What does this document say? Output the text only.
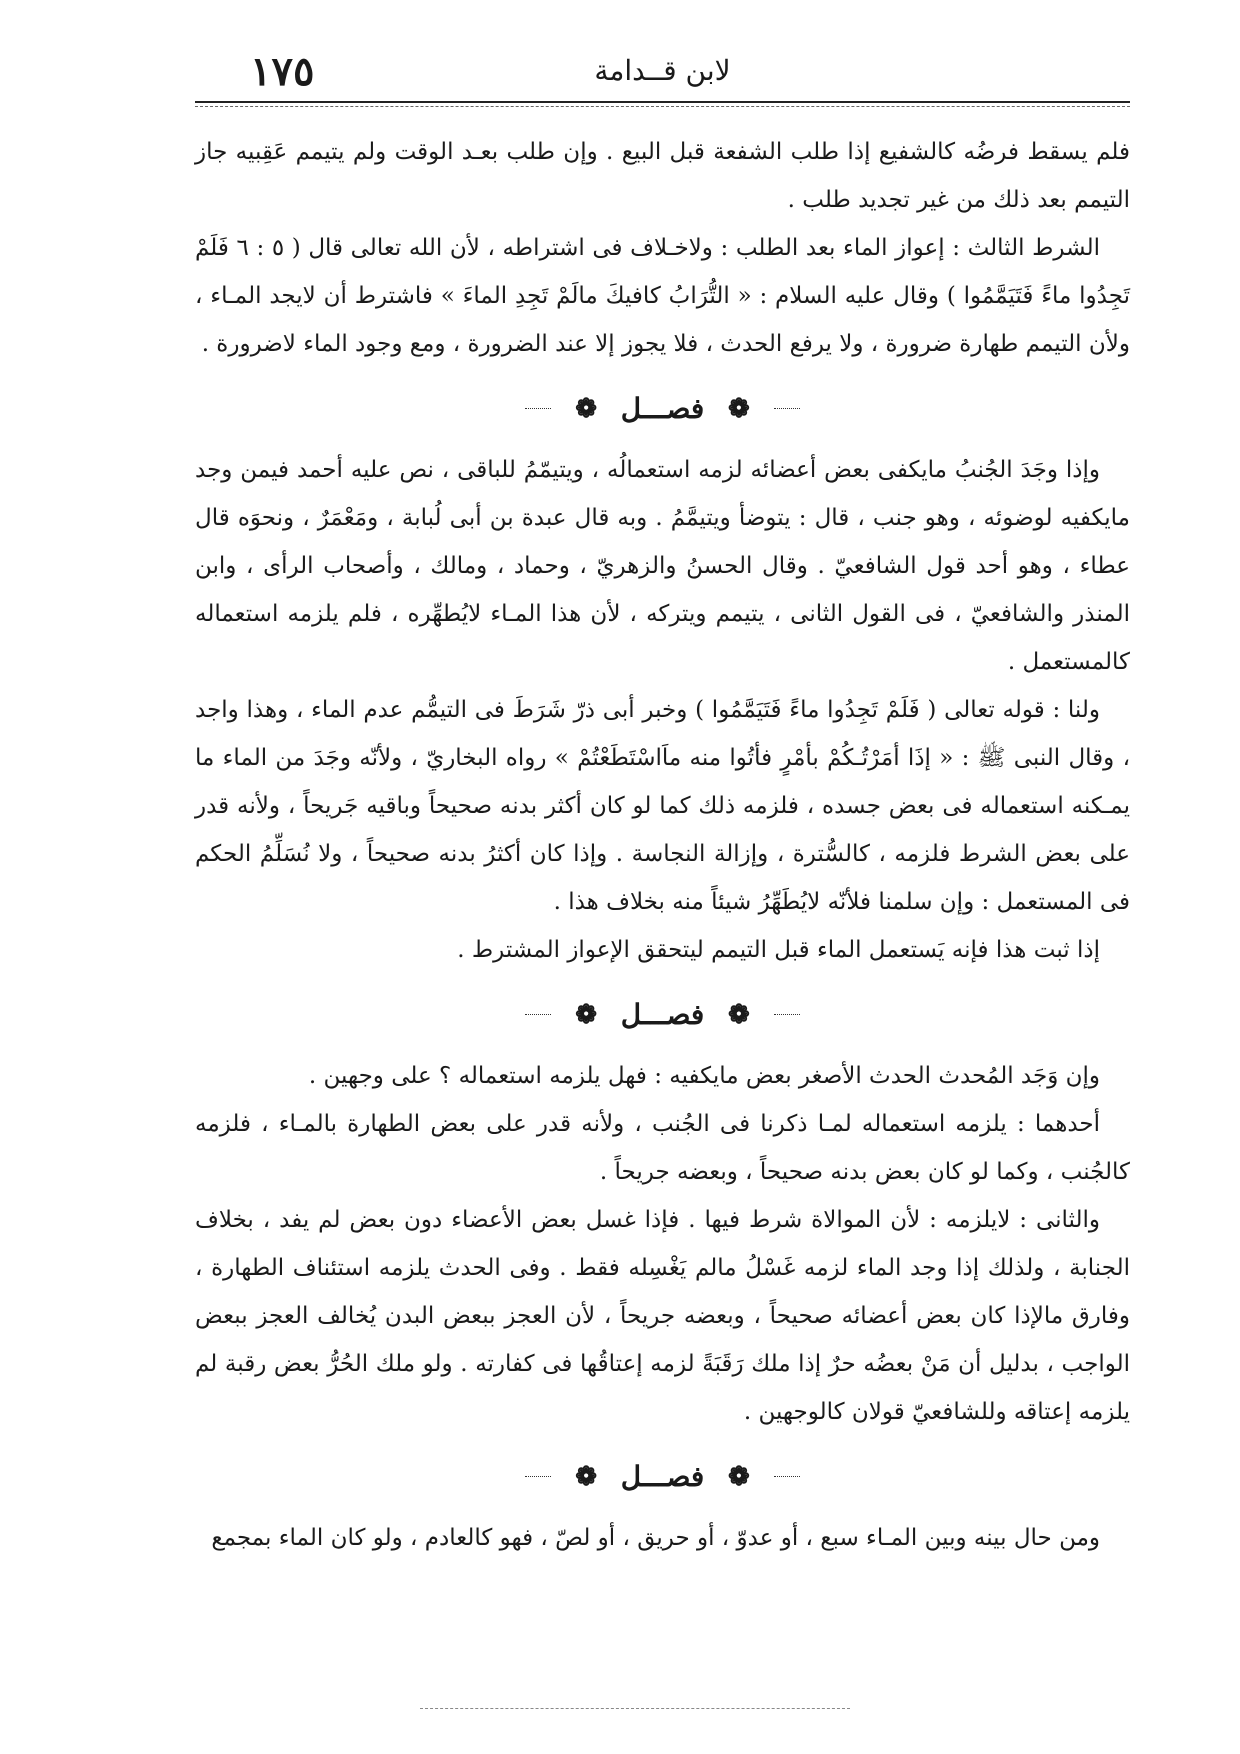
١٧٥	لابن قــدامة

فلم يسقط فرضُه كالشفيع إذا طلب الشفعة قبل البيع . وإن طلب بعـد الوقت ولم يتيمم عَقِبيه جاز التيمم بعد ذلك من غير تجديد طلب .

الشرط الثالث : إعواز الماء بعد الطلب : ولاخـلاف فى اشتراطه ، لأن الله تعالى قال ( ٥ : ٦ فَلَمْ تَجِدُوا ماءً فَتَيَمَّمُوا ) وقال عليه السلام : « التُّرَابُ كافيكَ مالَمْ تَجِدِ الماءَ » فاشترط أن لايجد المـاء ، ولأن التيمم طهارة ضرورة ، ولا يرفع الحدث ، فلا يجوز إلا عند الضرورة ، ومع وجود الماء لاضرورة .

❁ فصـــل ❁

وإذا وجَدَ الجُنبُ مايكفى بعض أعضائه لزمه استعمالُه ، ويتيمّمُ للباقى ، نص عليه أحمد فيمن وجد مايكفيه لوضوئه ، وهو جنب ، قال : يتوضأ ويتيمَّمُ . وبه قال عبدة بن أبى لُبابة ، ومَعْمَرٌ ، ونحوَه قال عطاء ، وهو أحد قول الشافعيّ . وقال الحسنُ والزهريّ ، وحماد ، ومالك ، وأصحاب الرأى ، وابن المنذر والشافعيّ ، فى القول الثانى ، يتيمم ويتركه ، لأن هذا المـاء لايُطهِّره ، فلم يلزمه استعماله كالمستعمل .

ولنا : قوله تعالى ( فَلَمْ تَجِدُوا ماءً فَتَيَمَّمُوا ) وخبر أبى ذرّ شَرَطَ فى التيمُّم عدم الماء ، وهذا واجد ، وقال النبى ﷺ : « إذَا أمَرْتُـكُمْ بأمْرٍ فأتُوا منه ماَاسْتَطَعْتُمْ » رواه البخاريّ ، ولأنّه وجَدَ من الماء ما يمـكنه استعماله فى بعض جسده ، فلزمه ذلك كما لو كان أكثر بدنه صحيحاً وباقيه جَريحاً ، ولأنه قدر على بعض الشرط فلزمه ، كالسُّترة ، وإزالة النجاسة . وإذا كان أكثرُ بدنه صحيحاً ، ولا نُسَلِّمُ الحكم فى المستعمل : وإن سلمنا فلأنّه لايُطَهِّرُ شيئاً منه بخلاف هذا .

إذا ثبت هذا فإنه يَستعمل الماء قبل التيمم ليتحقق الإعواز المشترط .

❁ فصـــل ❁

وإن وَجَد المُحدث الحدث الأصغر بعض مايكفيه : فهل يلزمه استعماله ؟ على وجهين .

أحدهما : يلزمه استعماله لمـا ذكرنا فى الجُنب ، ولأنه قدر على بعض الطهارة بالمـاء ، فلزمه كالجُنب ، وكما لو كان بعض بدنه صحيحاً ، وبعضه جريحاً .

والثانى : لايلزمه : لأن الموالاة شرط فيها . فإذا غسل بعض الأعضاء دون بعض لم يفد ، بخلاف الجنابة ، ولذلك إذا وجد الماء لزمه غَسْلُ مالم يَغْسِله فقط . وفى الحدث يلزمه استئناف الطهارة ، وفارق مالإذا كان بعض أعضائه صحيحاً ، وبعضه جريحاً ، لأن العجز ببعض البدن يُخالف العجز ببعض الواجب ، بدليل أن مَنْ بعضُه حرٌ إذا ملك رَقَبَةً لزمه إعتاقُها فى كفارته . ولو ملك الحُرُّ بعض رقبة لم يلزمه إعتاقه وللشافعيّ قولان كالوجهين .

❁ فصـــل ❁

ومن حال بينه وبين المـاء سبع ، أو عدوّ ، أو حريق ، أو لصّ ، فهو كالعادم ، ولو كان الماء بمجمع
